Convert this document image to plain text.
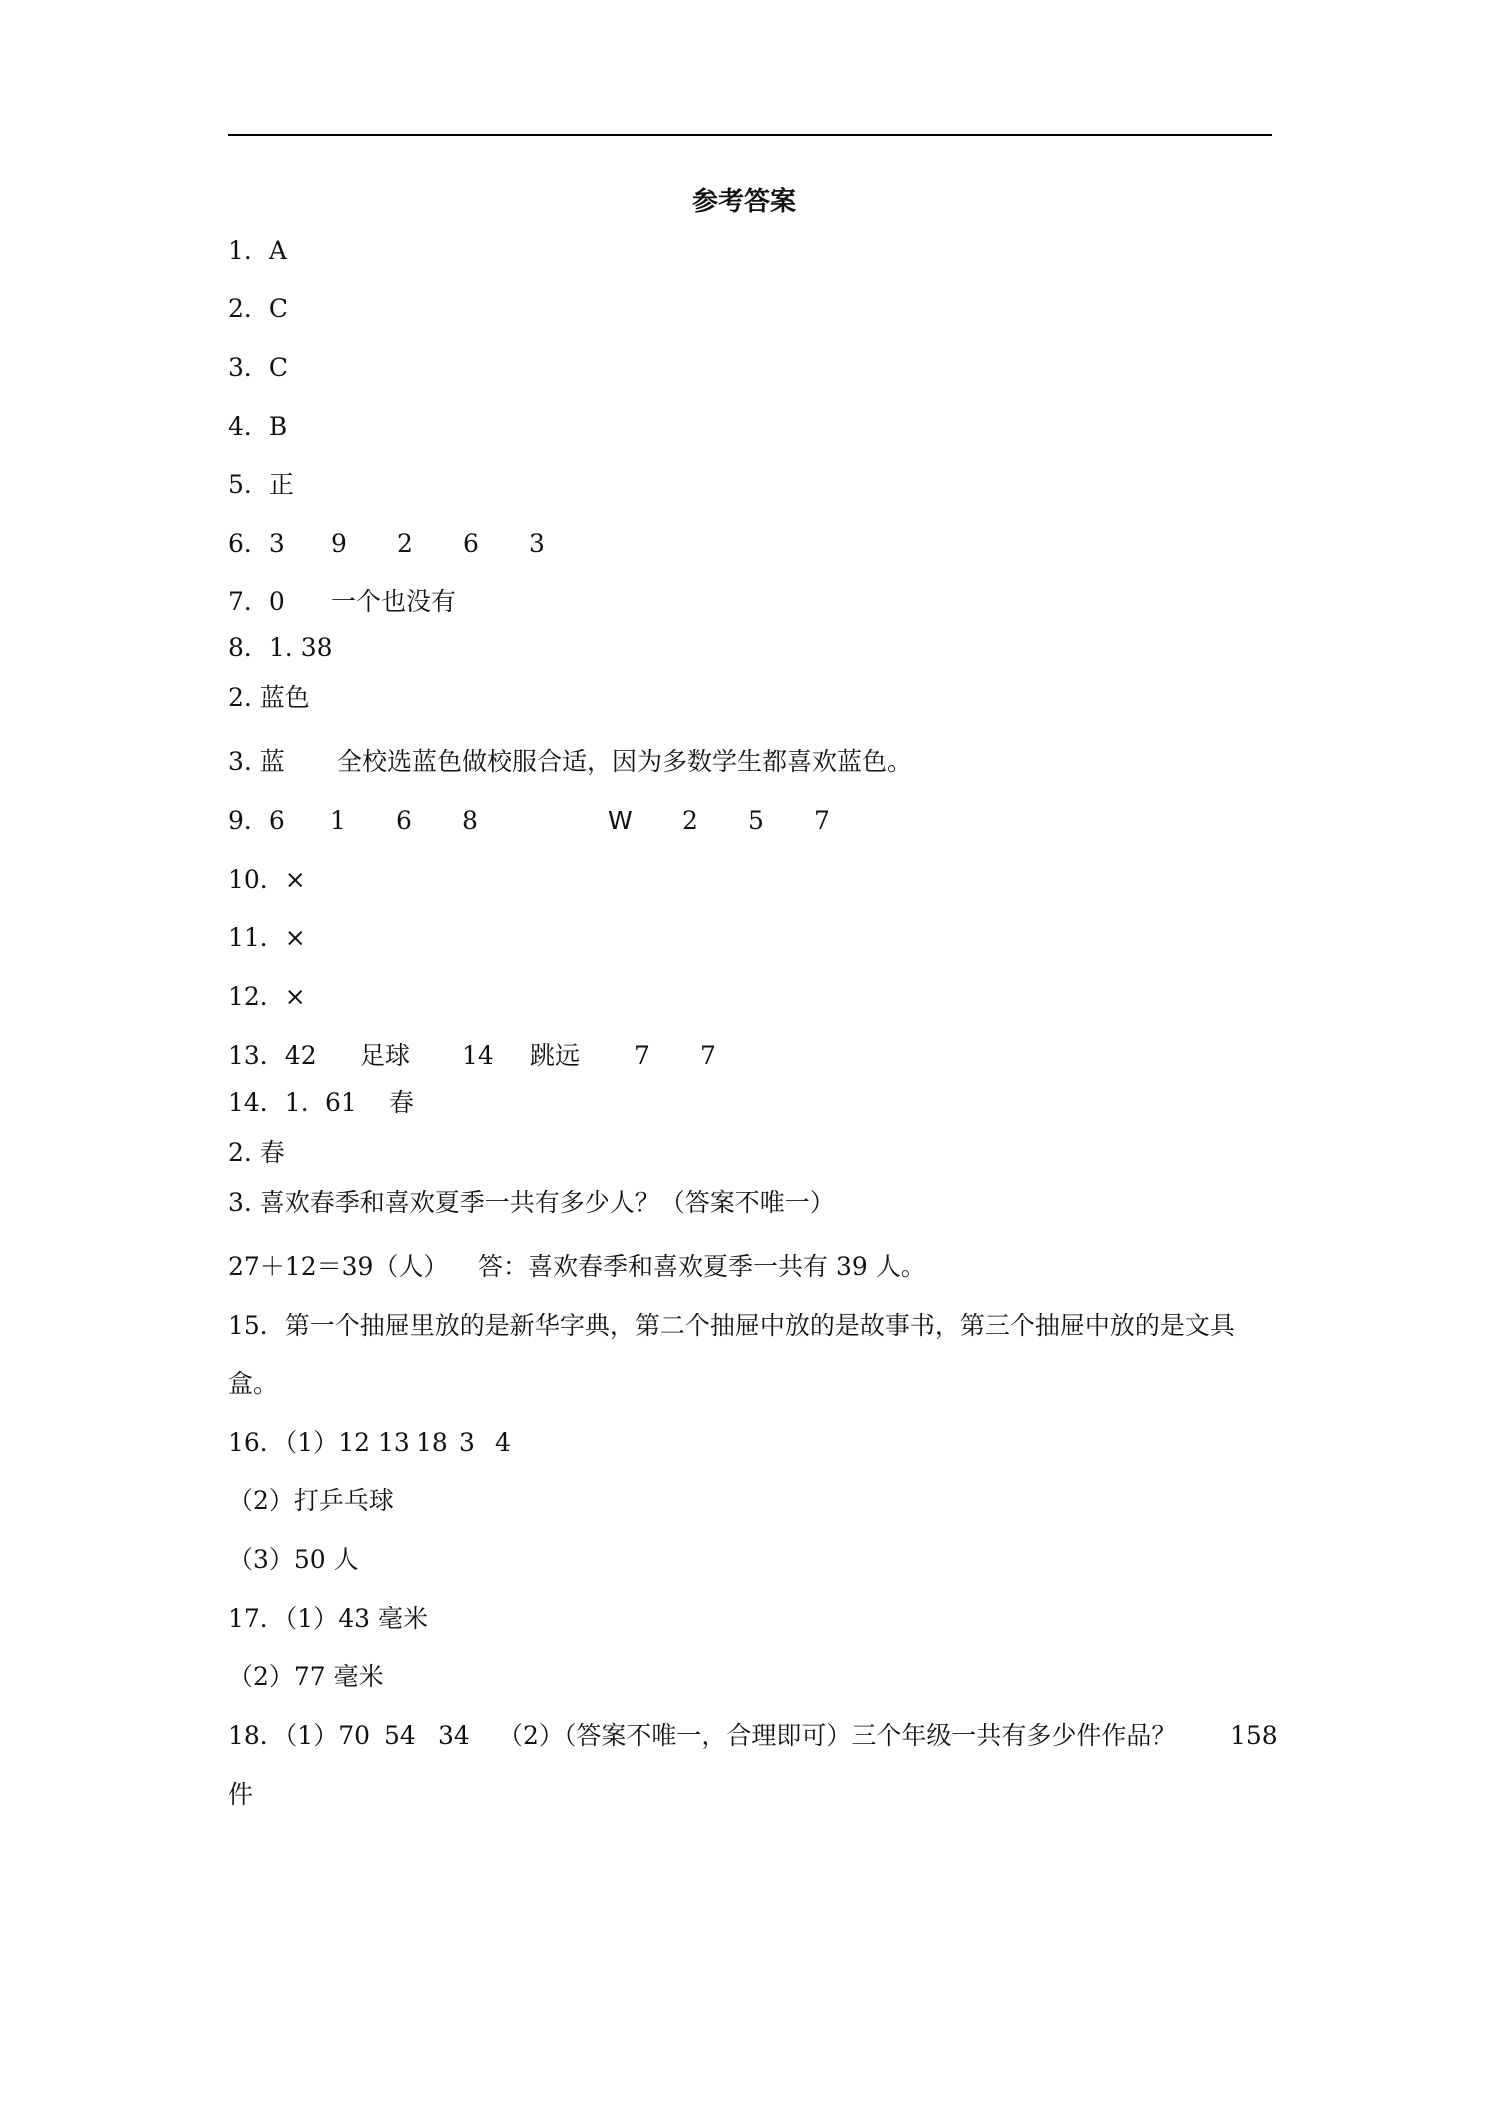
参考答案
1．A
2．C
3．C
4．B
5．正
6．3 9 2 6 3
7．0 一个也没有
8．1. 38
2. 蓝色
3. 蓝 全校选蓝色做校服合适，因为多数学生都喜欢蓝色。
9．6 1 6 8	W 2 5 7
10．×
11．×
12．×
13．42 足球 14 跳远 7 7
14．1. 61 春
2. 春
3. 喜欢春季和喜欢夏季一共有多少人？（答案不唯一）
27＋12＝39（人） 答：喜欢春季和喜欢夏季一共有 39 人。
15．第一个抽屉里放的是新华字典，第二个抽屉中放的是故事书，第三个抽屉中放的是文具
盒。
16．（1）12 13 18 3 4
（2）打乒乓球
（3）50 人
17．（1）43 毫米
（2）77 毫米
18．（1）70 54 34 （2）（答案不唯一，合理即可）三个年级一共有多少件作品？ 158
件
